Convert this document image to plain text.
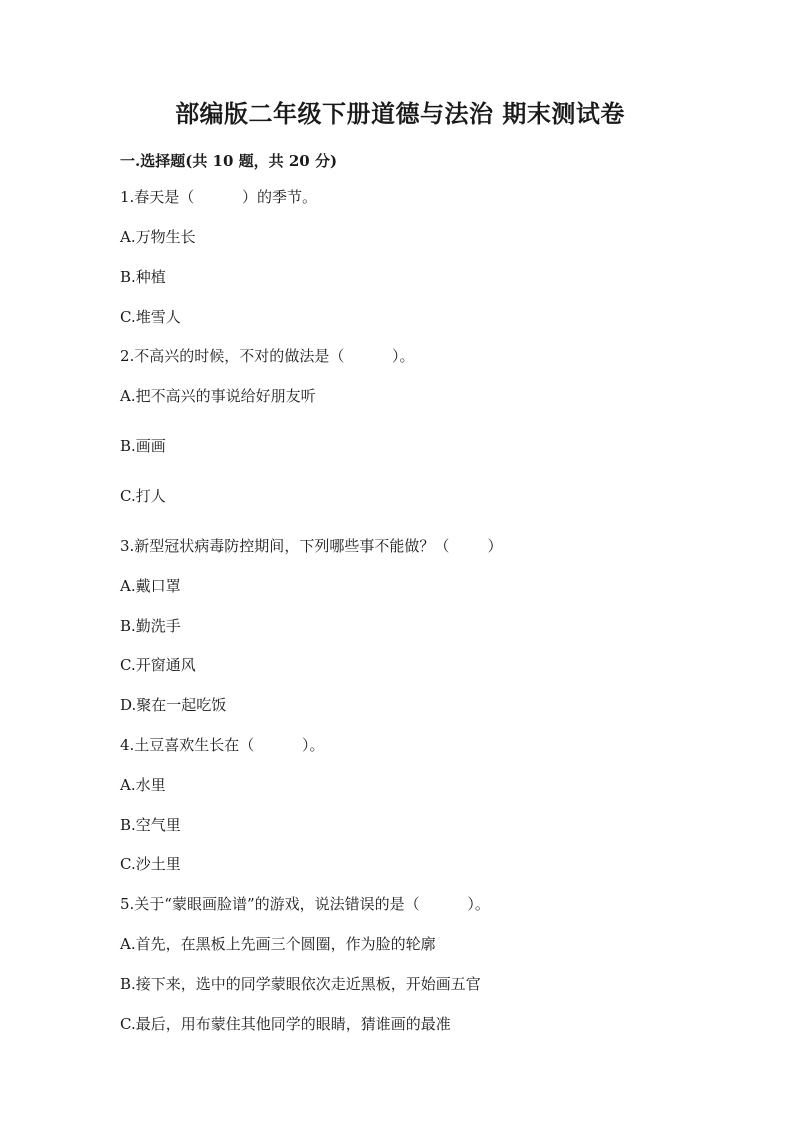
部编版二年级下册道德与法治 期末测试卷
一.选择题(共 10 题，共 20 分)
1.春天是（          ）的季节。
A.万物生长
B.种植
C.堆雪人
2.不高兴的时候，不对的做法是（          ）。
A.把不高兴的事说给好朋友听
B.画画
C.打人
3.新型冠状病毒防控期间，下列哪些事不能做？（        ）
A.戴口罩
B.勤洗手
C.开窗通风
D.聚在一起吃饭
4.土豆喜欢生长在（          ）。
A.水里
B.空气里
C.沙土里
5.关于“蒙眼画脸谱”的游戏，说法错误的是（          ）。
A.首先，在黑板上先画三个圆圈，作为脸的轮廓
B.接下来，选中的同学蒙眼依次走近黑板，开始画五官
C.最后，用布蒙住其他同学的眼睛，猜谁画的最准
